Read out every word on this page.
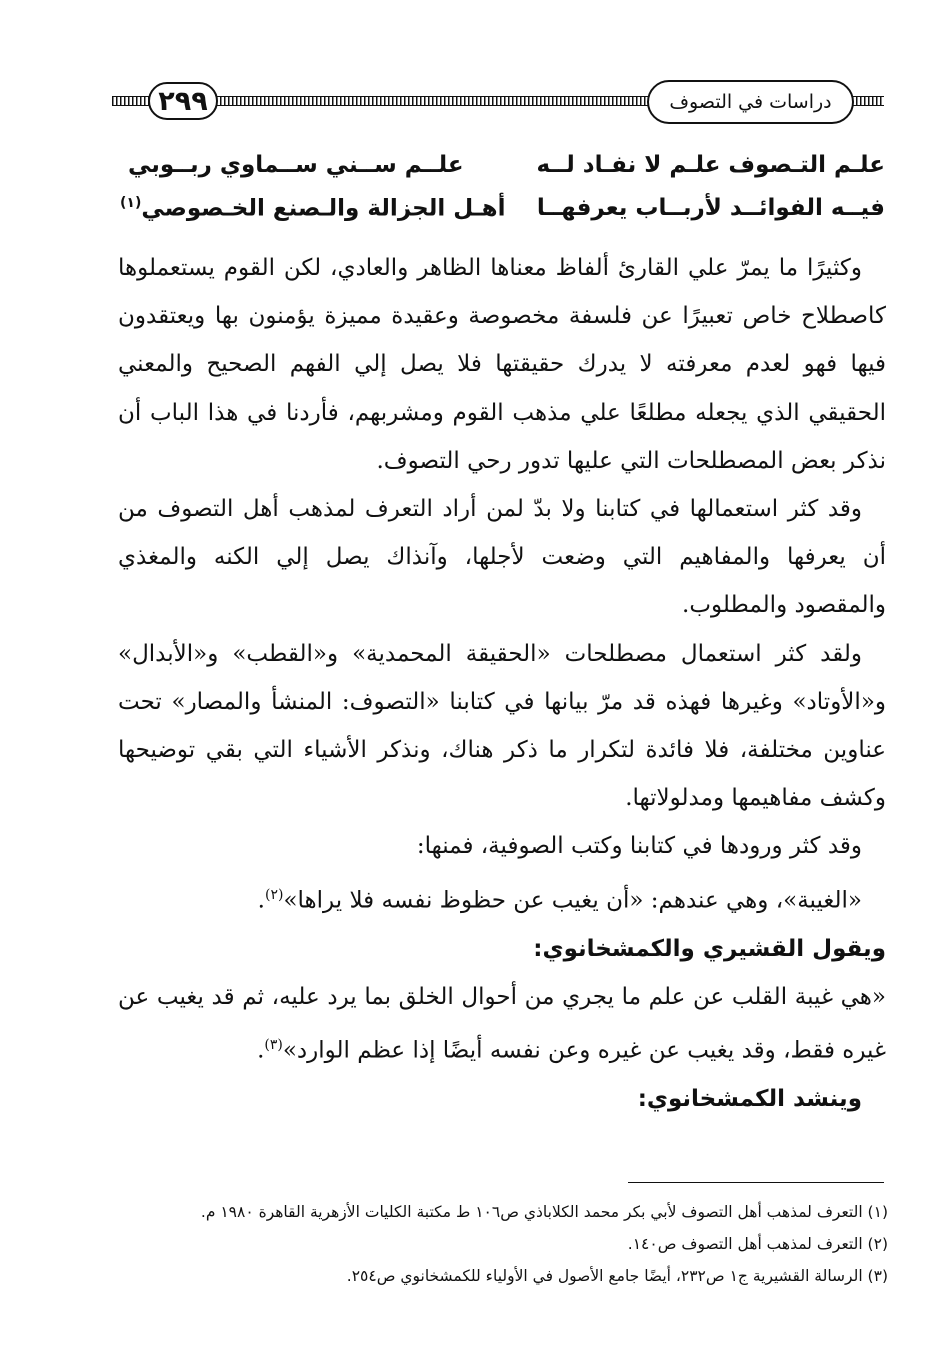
٢٩٩	دراسات في التصوف
علـم التـصوف علـم لا نفـاد لــه
علــم ســني ســماوي ربــوبي
فيــه الفوائــد لأربــاب يعرفهــا
أهـل الجزالة والـصنع الخـصوصي$^{(١)}$

وكثيرًا ما يمرّ علي القارئ ألفاظ معناها الظاهر والعادي، لكن القوم يستعملوها كاصطلاح خاص تعبيرًا عن فلسفة مخصوصة وعقيدة مميزة يؤمنون بها ويعتقدون فيها فهو لعدم معرفته لا يدرك حقيقتها فلا يصل إلي الفهم الصحيح والمعني الحقيقي الذي يجعله مطلعًا علي مذهب القوم ومشربهم، فأردنا في هذا الباب أن نذكر بعض المصطلحات التي عليها تدور رحي التصوف.

وقد كثر استعمالها في كتابنا ولا بدّ لمن أراد التعرف لمذهب أهل التصوف من أن يعرفها والمفاهيم التي وضعت لأجلها، وآنذاك يصل إلي الكنه والمغذي والمقصود والمطلوب.

ولقد كثر استعمال مصطلحات «الحقيقة المحمدية» و«القطب» و«الأبدال» و«الأوتاد» وغيرها فهذه قد مرّ بيانها في كتابنا «التصوف: المنشأ والمصار» تحت عناوين مختلفة، فلا فائدة لتكرار ما ذكر هناك، ونذكر الأشياء التي بقي توضيحها وكشف مفاهيمها ومدلولاتها.

وقد كثر ورودها في كتابنا وكتب الصوفية، فمنها:

«الغيبة»، وهي عندهم: «أن يغيب عن حظوظ نفسه فلا يراها»$^{(٢)}$.

ويقول القشيري والكمشخانوي:

«هي غيبة القلب عن علم ما يجري من أحوال الخلق بما يرد عليه، ثم قد يغيب عن غيره فقط، وقد يغيب عن غيره وعن نفسه أيضًا إذا عظم الوارد»$^{(٣)}$.

وينشد الكمشخانوي:

(١) التعرف لمذهب أهل التصوف لأبي بكر محمد الكلاباذي ص١٠٦ ط مكتبة الكليات الأزهرية القاهرة ١٩٨٠ م.
(٢) التعرف لمذهب أهل التصوف ص١٤٠.
(٣) الرسالة القشيرية ج١ ص٢٣٢، أيضًا جامع الأصول في الأولياء للكمشخانوي ص٢٥٤.
